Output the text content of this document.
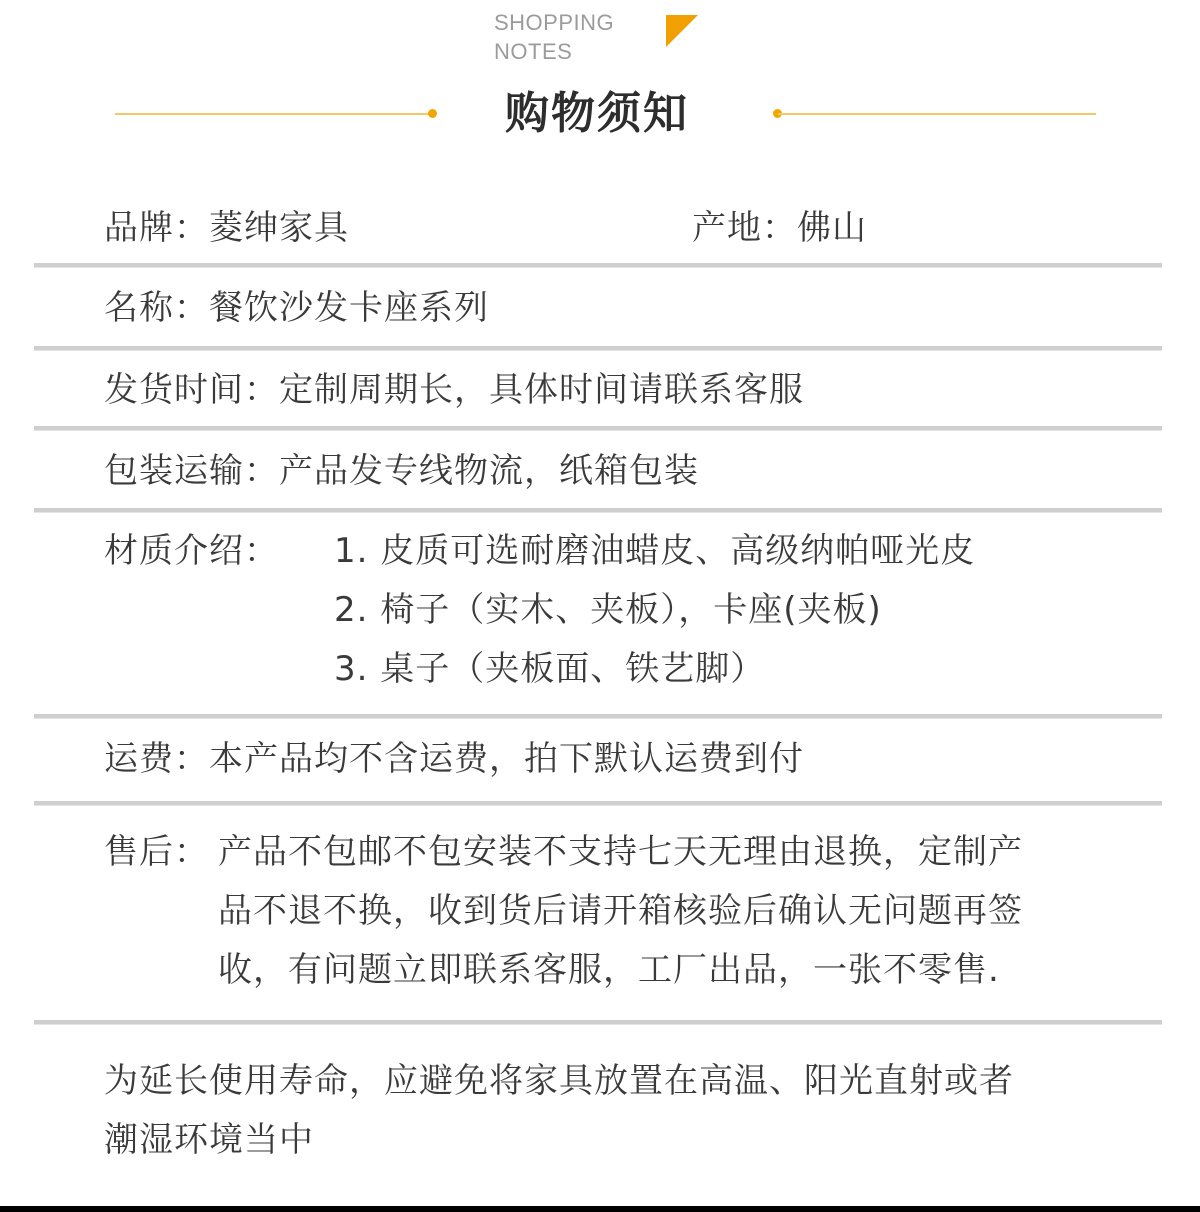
SHOPPING
NOTES
购物须知
品牌：菱绅家具	产地：佛山
名称：餐饮沙发卡座系列
发货时间：定制周期长，具体时间请联系客服
包装运输：产品发专线物流，纸箱包装
材质介绍： 1. 皮质可选耐磨油蜡皮、高级纳帕哑光皮
2. 椅子（实木、夹板），卡座(夹板)
3. 桌子（夹板面、铁艺脚）
运费：本产品均不含运费，拍下默认运费到付
售后： 产品不包邮不包安装不支持七天无理由退换，定制产
品不退不换，收到货后请开箱核验后确认无问题再签
收，有问题立即联系客服，工厂出品，一张不零售.
为延长使用寿命，应避免将家具放置在高温、阳光直射或者
潮湿环境当中
